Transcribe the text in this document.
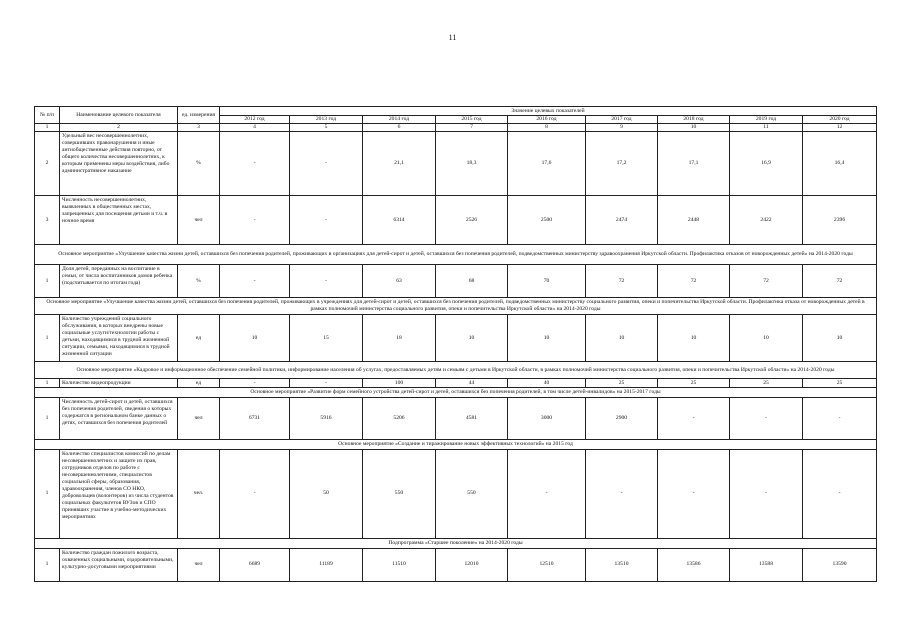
11
№ п/п	Наименование целевого показателя	ед. измерения	Значение целевых показателей								
			2012 год	2013 год	2014 год	2015 год	2016 год	2017 год	2018 год	2019 год	2020 год
1	2	3	4	5	6	7	8	9	10	11	12
2	Удельный вес несовершеннолетних, совершивших правонарушения и иные антиобщественные действия повторно, от общего количества несовершеннолетних, к которым применены меры воздействия, либо административное наказание	%	-	-	21,1	18,3	17,6	17,2	17,1	16,9	16,4
3	Численность несовершеннолетних, выявленных в общественных местах, запрещенных для посещения детьми и т.ч. в ночное время	чел	-	-	6314	2526	2500	2474	2448	2422	2396
Основное мероприятие «Улучшение качества жизни детей, оставшихся без попечения родителей, проживающих в организациях для детей-сирот и детей, оставшихся без попечения родителей, подведомственных министерству здравоохранения Иркутской области. Профилактика отказов от новорожденных детей» на 2014-2020 годы											
1	Доля детей, переданных на воспитание в семьи, от числа воспитанников домов ребенка (подсчитывается по итогам года)	%	-	-	63	68	70	72	72	72	72
Основное мероприятие «Улучшение качества жизни детей, оставшихся без попечения родителей, проживающих в учреждениях для детей-сирот и детей, оставшихся без попечения родителей, подведомственных министерству социального развития, опеки и попечительства Иркутской области. Профилактика отказа от новорожденных детей в рамках полномочий министерства социального развития, опеки и попечительства Иркутской области» на 2014-2020 годы											
1	Количество учреждений социального обслуживания, в которых внедрены новые социальные услуги/технологии работы с детьми, находящимися в трудной жизненной ситуации, семьями, находящимися в трудной жизненной ситуации	ед	10	15	18	10	10	10	10	10	10
Основное мероприятие «Кадровое и информационное обеспечение семейной политики, информирование населения об услугах, предоставляемых детям и семьям с детьми в Иркутской области, в рамках полномочий министерства социального развития, опеки и попечительства Иркутской области» на 2014-2020 годы											
1	Количество видеопродукции	ед	-	-	100	44	40	25	25	25	25
Основное мероприятие «Развитие форм семейного устройства детей-сирот и детей, оставшихся без попечения родителей, в том числе детей-инвалидов» на 2015-2017 годы											
1	Численность детей-сирот и детей, оставшихся без попечения родителей, сведения о которых содержатся в региональном банке данных о детях, оставшихся без попечения родителей	чел	6731	5916	5206	4581	3000	2900	-	-	-
Основное мероприятие «Создание и тиражирование новых эффективных технологий» на 2015 год											
1	Количество специалистов комиссий по делам несовершеннолетних и защите их прав, сотрудников отделов по работе с несовершеннолетними, специалистов социальной сферы, образования, здравоохранения, членов СО НКО, добровольцев (волонтеров) из числа студентов социальных факультетов ВУЗов и СПО принявших участие в учебно-методических мероприятиях	чел.	-	50	550	550	-	-	-	-	-
Подпрограмма «Старшее поколение» на 2014-2020 годы											
1	Количество граждан пожилого возраста, охваченных социальными, оздоровительными, культурно-досуговыми мероприятиями	чел	6689	11189	11510	12010	12510	13510	13586	13588	13590
